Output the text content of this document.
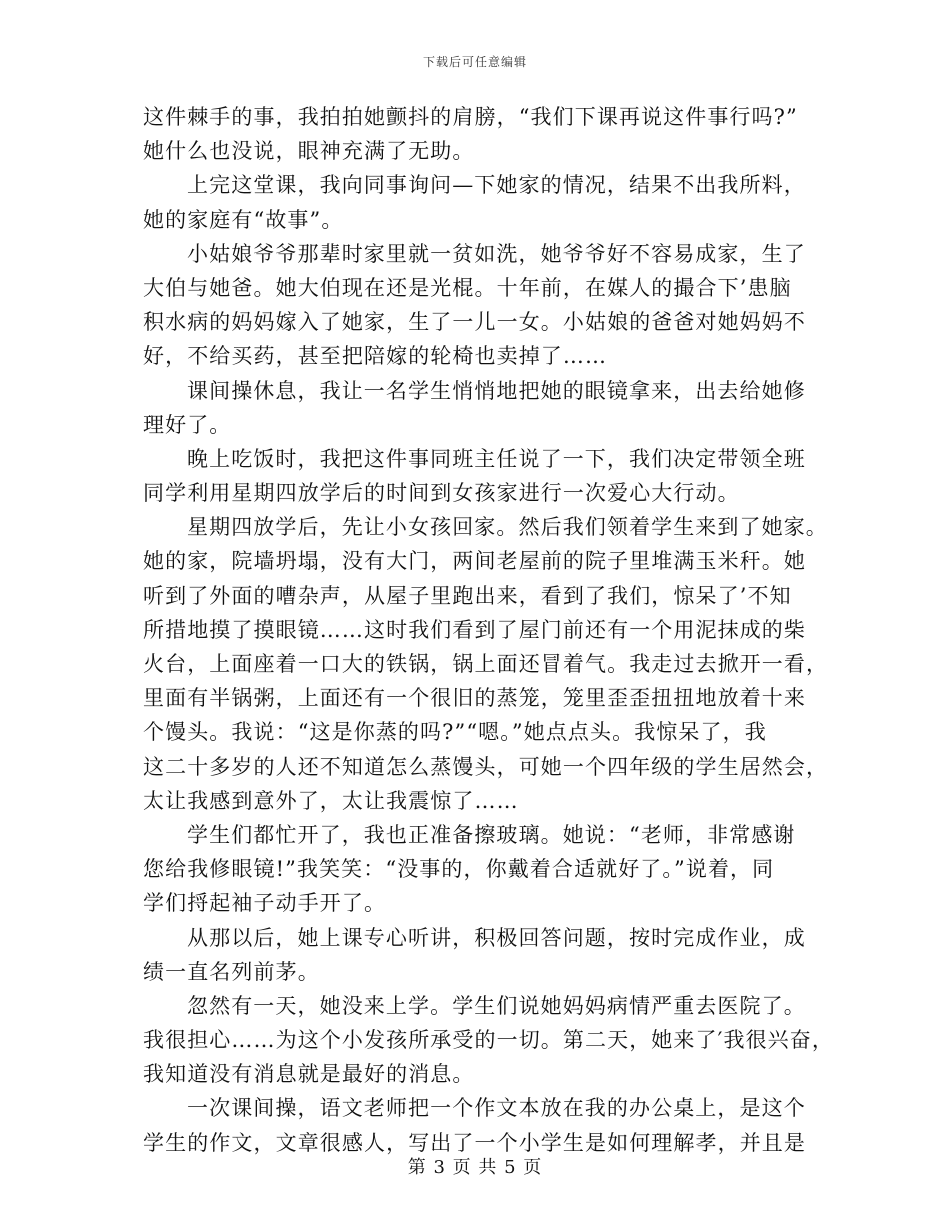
下载后可任意编辑
这件棘手的事，我拍拍她颤抖的肩膀，“我们下课再说这件事行吗?”
她什么也没说，眼神充满了无助。
上完这堂课，我向同事询问—下她家的情况，结果不出我所料，
她的家庭有“故事”。
小姑娘爷爷那辈时家里就一贫如洗，她爷爷好不容易成家，生了
大伯与她爸。她大伯现在还是光棍。十年前，在媒人的撮合下’患脑
积水病的妈妈嫁入了她家，生了一儿一女。小姑娘的爸爸对她妈妈不
好，不给买药，甚至把陪嫁的轮椅也卖掉了……
课间操休息，我让一名学生悄悄地把她的眼镜拿来，出去给她修
理好了。
晚上吃饭时，我把这件事同班主任说了一下，我们决定带领全班
同学利用星期四放学后的时间到女孩家进行一次爱心大行动。
星期四放学后，先让小女孩回家。然后我们领着学生来到了她家。
她的家，院墙坍塌，没有大门，两间老屋前的院子里堆满玉米秆。她
听到了外面的嘈杂声，从屋子里跑出来，看到了我们，惊呆了’不知
所措地摸了摸眼镜……这时我们看到了屋门前还有一个用泥抹成的柴
火台，上面座着一口大的铁锅，锅上面还冒着气。我走过去掀开一看，
里面有半锅粥，上面还有一个很旧的蒸笼，笼里歪歪扭扭地放着十来
个馒头。我说：“这是你蒸的吗?”“嗯。”她点点头。我惊呆了，我
这二十多岁的人还不知道怎么蒸馒头，可她一个四年级的学生居然会，
太让我感到意外了，太让我震惊了……
学生们都忙开了，我也正准备擦玻璃。她说：“老师，非常感谢
您给我修眼镜!”我笑笑：“没事的，你戴着合适就好了。”说着，同
学们捋起袖子动手开了。
从那以后，她上课专心听讲，积极回答问题，按时完成作业，成
绩一直名列前茅。
忽然有一天，她没来上学。学生们说她妈妈病情严重去医院了。
我很担心……为这个小发孩所承受的一切。第二天，她来了′我很兴奋，
我知道没有消息就是最好的消息。
一次课间操，语文老师把一个作文本放在我的办公桌上，是这个
学生的作文，文章很感人，写出了一个小学生是如何理解孝，并且是
第 3 页 共 5 页
